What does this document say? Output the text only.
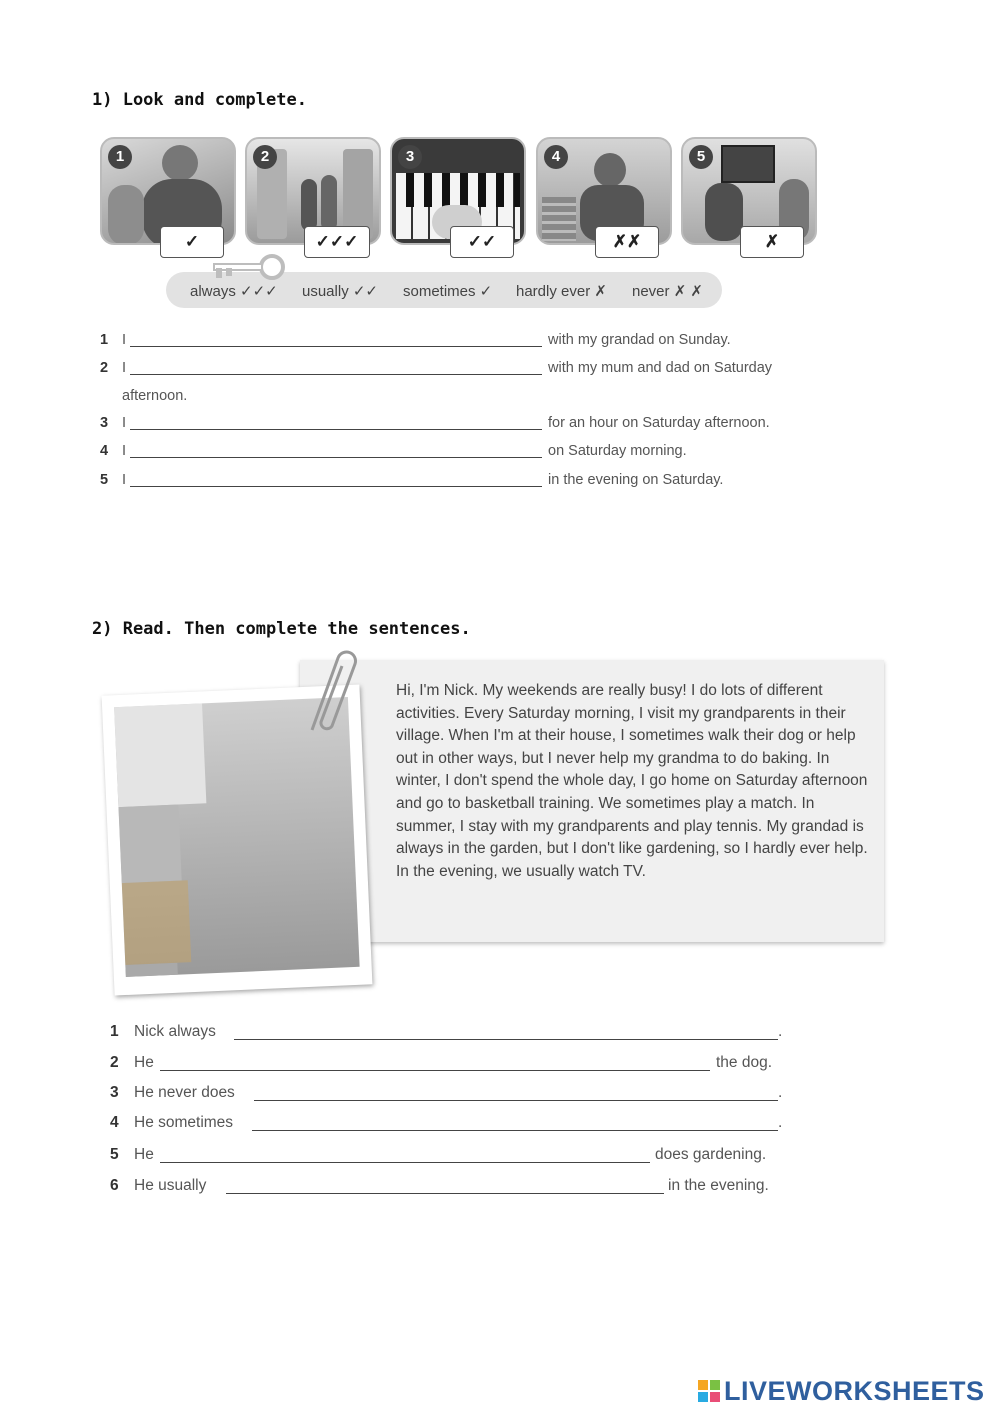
1) Look and complete.
1	2	3	4	5
✓	✓✓✓	✓✓	✗✗	✗
always ✓✓✓ usually ✓✓ sometimes ✓ hardly ever ✗ never ✗ ✗
1 I	with my grandad on Sunday.
2 I	with my mum and dad on Saturday
afternoon.
3 I	for an hour on Saturday afternoon.
4 I	on Saturday morning.
5 I	in the evening on Saturday.
2) Read. Then complete the sentences.
Hi, I'm Nick. My weekends are really busy! I do lots of different activities. Every Saturday morning, I visit my grandparents in their village. When I'm at their house, I sometimes walk their dog or help out in other ways, but I never help my grandma to do baking. In winter, I don't spend the whole day, I go home on Saturday afternoon and go to basketball training. We sometimes play a match. In summer, I stay with my grandparents and play tennis. My grandad is always in the garden, but I don't like gardening, so I hardly ever help. In the evening, we usually watch TV.
1 Nick always	.
2 He	the dog.
3 He never does	.
4 He sometimes	.
5 He	does gardening.
6 He usually	in the evening.
LIVEWORKSHEETS
